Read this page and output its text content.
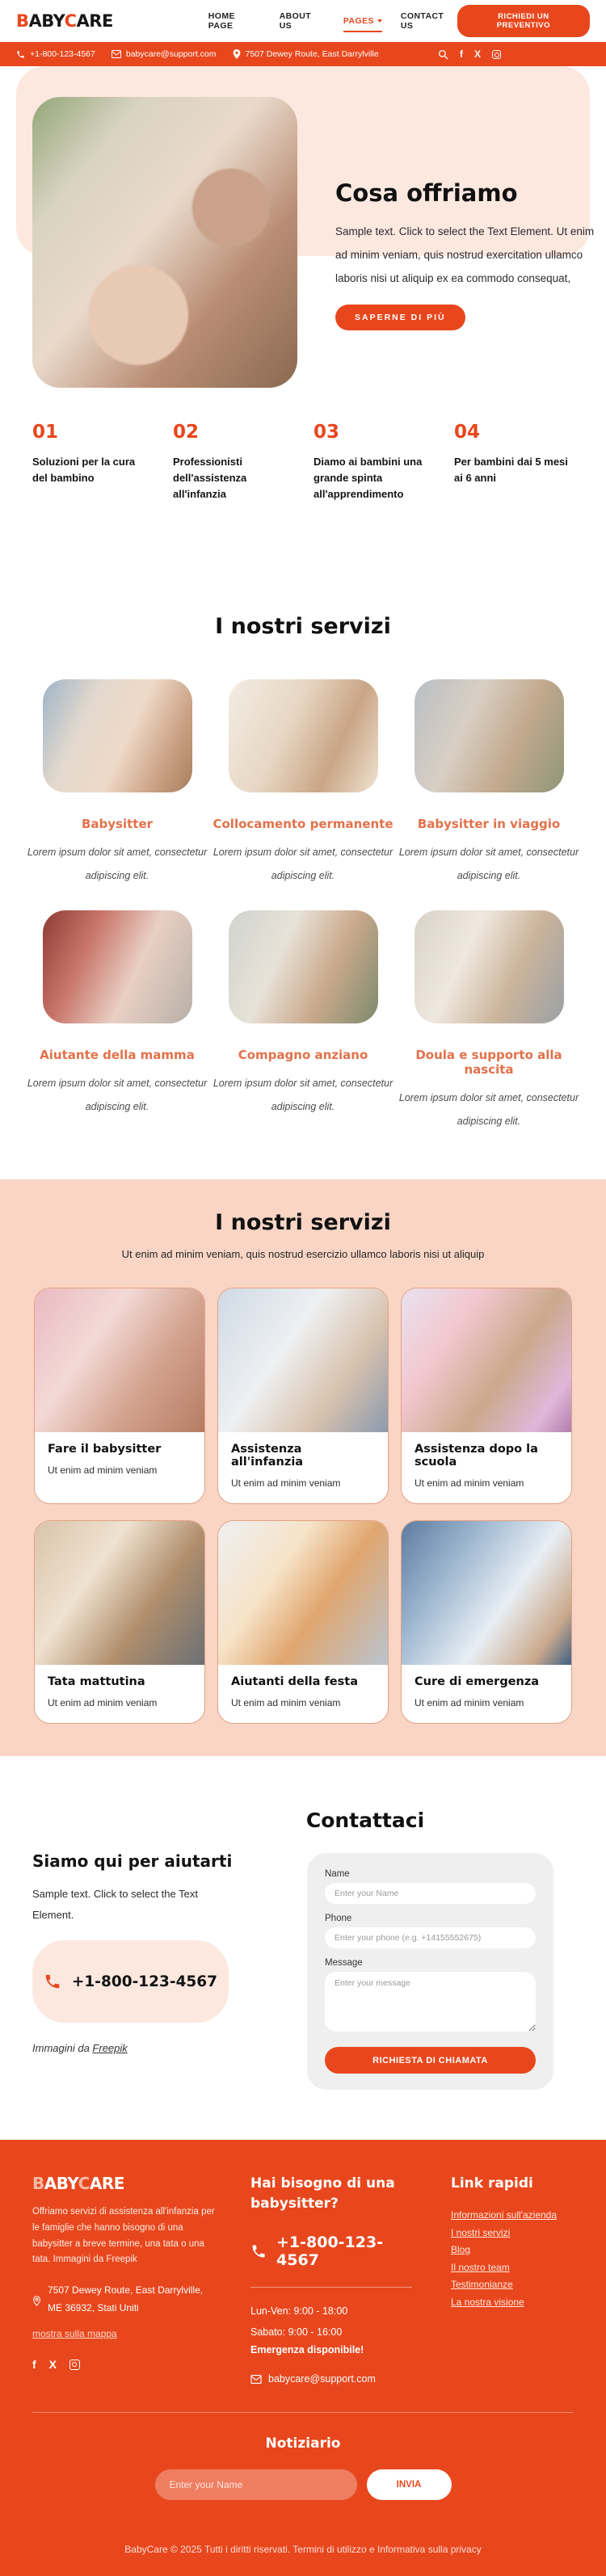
BABYCARE	HOME PAGE
ABOUT US	PAGES	CONTACT US
RICHIEDI UN PREVENTIVO
+1-800-123-4567	babycare@support.com	7507 Dewey Route, East Darrylville	f X
Cosa offriamo
Sample text. Click to select the Text Element. Ut enim ad minim veniam, quis nostrud exercitation ullamco laboris nisi ut aliquip ex ea commodo consequat,
SAPERNE DI PIÙ
01
Soluzioni per la cura del bambino
02
Professionisti dell'assistenza all'infanzia
03
Diamo ai bambini una grande spinta all'apprendimento
04
Per bambini dai 5 mesi ai 6 anni
I nostri servizi
Babysitter
Lorem ipsum dolor sit amet, consectetur adipiscing elit.
Collocamento permanente
Lorem ipsum dolor sit amet, consectetur adipiscing elit.
Babysitter in viaggio
Lorem ipsum dolor sit amet, consectetur adipiscing elit.
Aiutante della mamma
Lorem ipsum dolor sit amet, consectetur adipiscing elit.
Compagno anziano
Lorem ipsum dolor sit amet, consectetur adipiscing elit.
Doula e supporto alla nascita
Lorem ipsum dolor sit amet, consectetur adipiscing elit.
I nostri servizi
Ut enim ad minim veniam, quis nostrud esercizio ullamco laboris nisi ut aliquip
Fare il babysitter
Ut enim ad minim veniam
Assistenza all'infanzia
Ut enim ad minim veniam
Assistenza dopo la scuola
Ut enim ad minim veniam
Tata mattutina
Ut enim ad minim veniam
Aiutanti della festa
Ut enim ad minim veniam
Cure di emergenza
Ut enim ad minim veniam
Contattaci
Siamo qui per aiutarti
Sample text. Click to select the Text Element.
+1-800-123-4567
Immagini da Freepik
Name
Enter your Name
Phone
Enter your phone (e.g. +14155552675)
Message
Enter your message RICHIESTA DI CHIAMATA
BABYCARE
Offriamo servizi di assistenza all'infanzia per le famiglie che hanno bisogno di una babysitter a breve termine, una tata o una tata. Immagini da Freepik
7507 Dewey Route, East Darrylville, ME 36932, Stati Uniti
mostra sulla mappa
f X
Hai bisogno di una babysitter?
+1-800-123-4567
Lun-Ven: 9:00 - 18:00
Sabato: 9:00 - 16:00
Emergenza disponibile!
babycare@support.com
Link rapidi
Informazioni sull'azienda
I nostri servizi
Blog
Il nostro team
Testimonianze
La nostra visione
Notiziario
Enter your Name
INVIA
BabyCare © 2025 Tutti i diritti riservati. Termini di utilizzo e Informativa sulla privacy
